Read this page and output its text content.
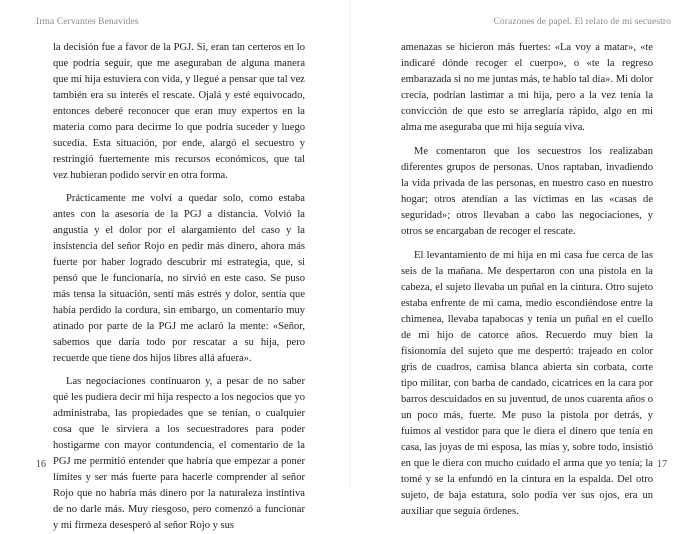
Irma Cervantes Benavides

la decisión fue a favor de la PGJ. Si, eran tan certeros en lo que podría seguir, que me aseguraban de alguna manera que mi hija estuviera con vida, y llegué a pensar que tal vez también era su interés el rescate. Ojalá y esté equivocado, entonces deberé reconocer que eran muy expertos en la materia como para decirme lo que podría suceder y luego sucedía. Esta situación, por ende, alargó el secuestro y restringió fuertemente mis recursos económicos, que tal vez hubieran podido servir en otra forma.

Prácticamente me volví a quedar solo, como estaba antes con la asesoría de la PGJ a distancia. Volvió la angustia y el dolor por el alargamiento del caso y la insistencia del señor Rojo en pedir más dinero, ahora más fuerte por haber logrado descubrir mi estrategia, que, si pensó que le funcionaría, no sirvió en este caso. Se puso más tensa la situación, sentí más estrés y dolor, sentía que había perdido la cordura, sin embargo, un comentario muy atinado por parte de la PGJ me aclaró la mente: «Señor, sabemos que daría todo por rescatar a su hija, pero recuerde que tiene dos hijos libres allá afuera».

Las negociaciones continuaron y, a pesar de no saber qué les pudiera decir mi hija respecto a los negocios que yo administraba, las propiedades que se tenían, o cualquier cosa que le sirviera a los secuestradores para poder hostigarme con mayor contundencia, el comentario de la PGJ me permitió entender que habría que empezar a poner límites y ser más fuerte para hacerle comprender al señor Rojo que no habría más dinero por la naturaleza instintiva de no darle más. Muy riesgoso, pero comenzó a funcionar y mi firmeza desesperó al señor Rojo y sus

16
Corazones de papel. El relato de mi secuestro

amenazas se hicieron más fuertes: «La voy a matar», «te indicaré dónde recoger el cuerpo», o «te la regreso embarazada si no me juntas más, te hablo tal día». Mi dolor crecía, podrían lastimar a mi hija, pero a la vez tenía la convicción de que esto se arreglaría rápido, algo en mi alma me aseguraba que mi hija seguía viva.

Me comentaron que los secuestros los realizaban diferentes grupos de personas. Unos raptaban, invadiendo la vida privada de las personas, en nuestro caso en nuestro hogar; otros atendían a las víctimas en las «casas de seguridad»; otros llevaban a cabo las negociaciones, y otros se encargaban de recoger el rescate.

El levantamiento de mi hija en mi casa fue cerca de las seis de la mañana. Me despertaron con una pistola en la cabeza, el sujeto llevaba un puñal en la cintura. Otro sujeto estaba enfrente de mi cama, medio escondiéndose entre la chimenea, llevaba tapabocas y tenía un puñal en el cuello de mi hijo de catorce años. Recuerdo muy bien la fisionomía del sujeto que me despertó: trajeado en color gris de cuadros, camisa blanca abierta sin corbata, corte tipo militar, con barba de candado, cicatrices en la cara por barros descuidados en su juventud, de unos cuarenta años o un poco más, fuerte. Me puso la pistola por detrás, y fuimos al vestidor para que le diera el dinero que tenía en casa, las joyas de mi esposa, las mías y, sobre todo, insistió en que le diera con mucho cuidado el arma que yo tenía; la tomé y se la enfundó en la cintura en la espalda. Del otro sujeto, de baja estatura, solo podía ver sus ojos, era un auxiliar que seguía órdenes.

17
